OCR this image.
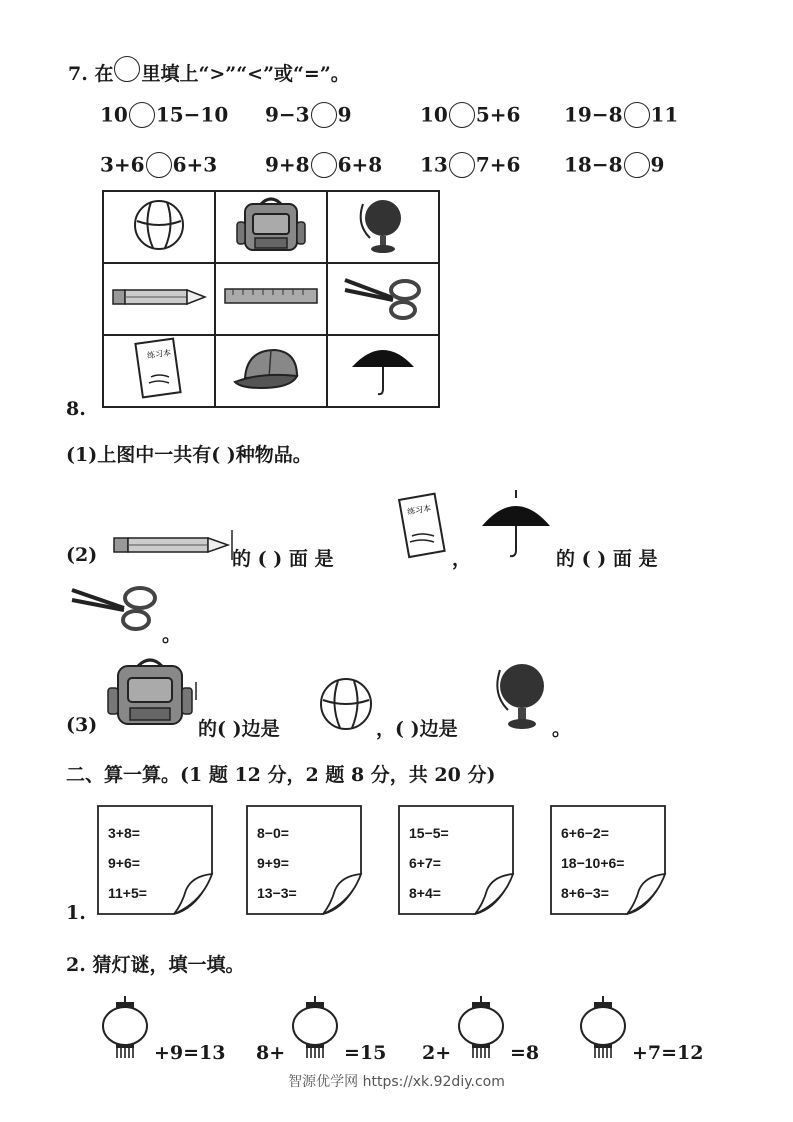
7. 在 里填上“>”“<”或“=”。
10 15−10 9−3 9	10 5+6 19−8 11
3+6 6+3 9+8 6+8 13 7+6 18−8 9

练习本

8.
(1)上图中一共有( )种物品。
(2)	的 ( ) 面 是
练习本
，	的 ( ) 面 是
。
(3)	的( )边是	，( )边是	。
二、算一算。(1 题 12 分，2 题 8 分，共 20 分)
1.
3+8=
9+6=
11+5=
8−0=
9+9=
13−3=
15−5=
6+7=
8+4=
6+6−2=
18−10+6=
8+6−3=
2. 猜灯谜，填一填。
+9=13 8+	=15 2+	=8	+7=12
智源优学网 https://xk.92diy.com
